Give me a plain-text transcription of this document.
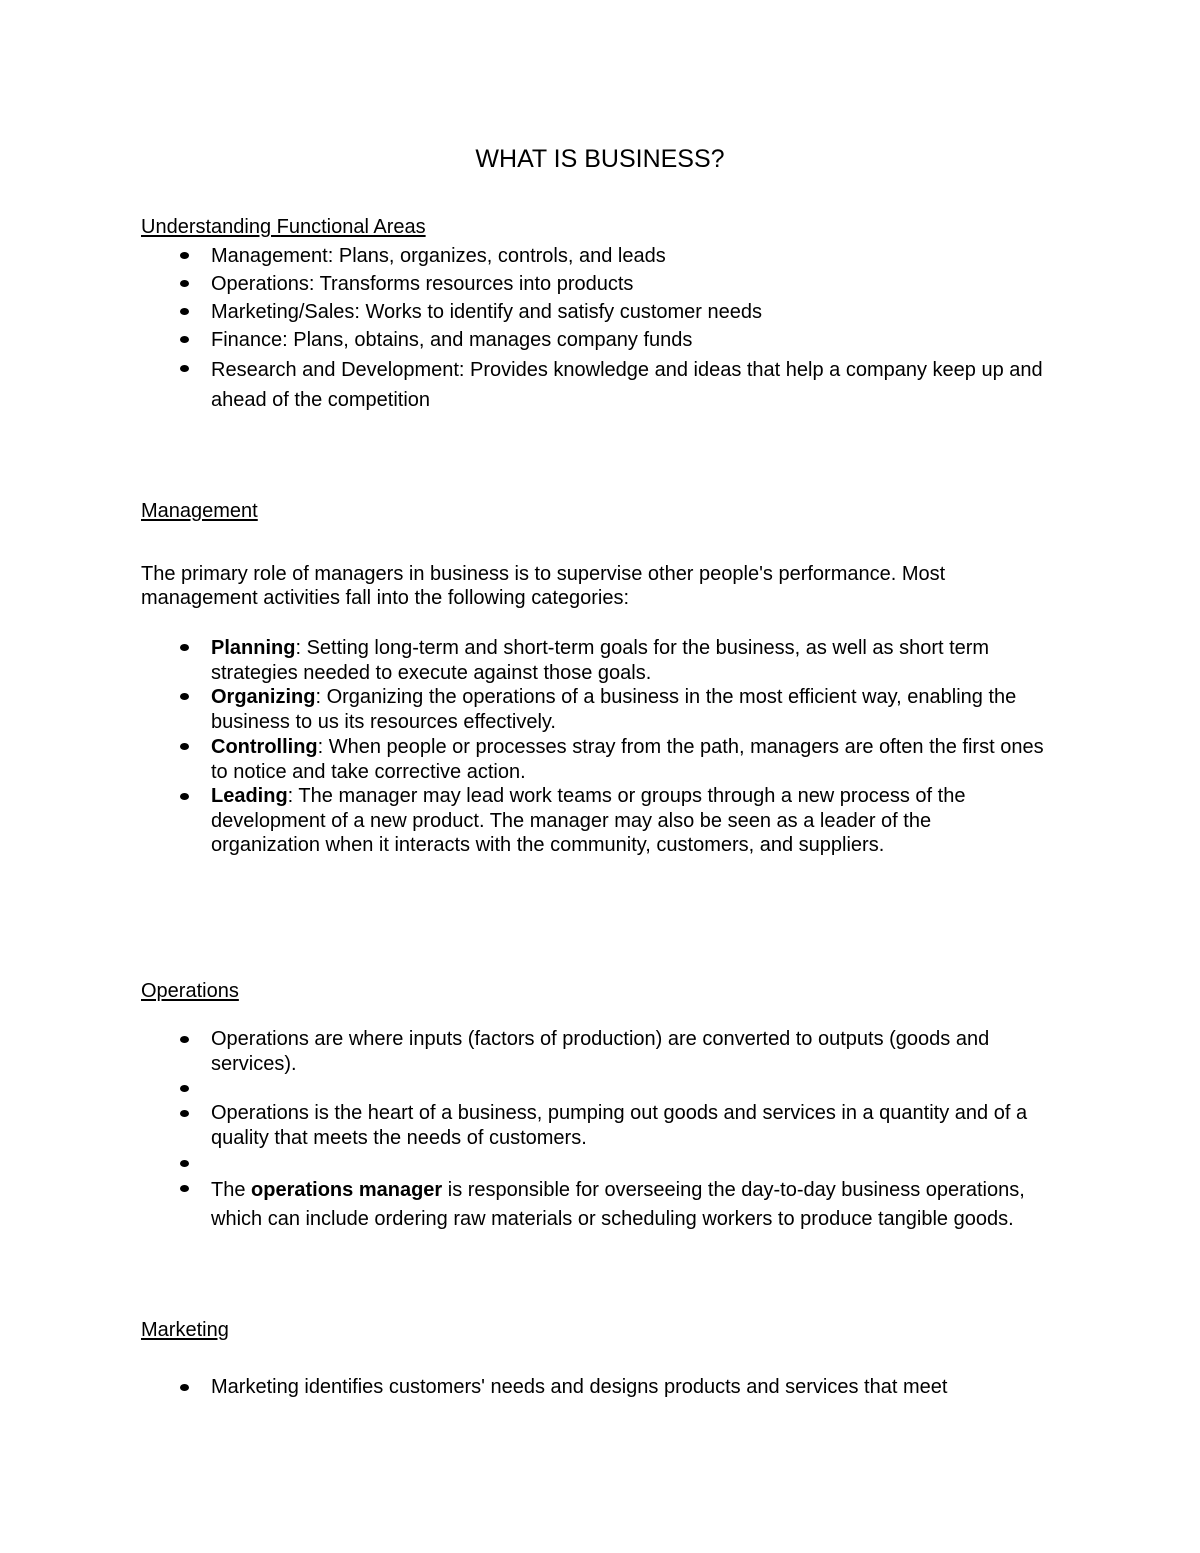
WHAT IS BUSINESS?
Understanding Functional Areas
Management: Plans, organizes, controls, and leads
Operations: Transforms resources into products
Marketing/Sales: Works to identify and satisfy customer needs
Finance: Plans, obtains, and manages company funds
Research and Development: Provides knowledge and ideas that help a company keep up and ahead of the competition
Management
The primary role of managers in business is to supervise other people's performance. Most management activities fall into the following categories:
Planning: Setting long-term and short-term goals for the business, as well as short term strategies needed to execute against those goals.
Organizing: Organizing the operations of a business in the most efficient way, enabling the business to us its resources effectively.
Controlling: When people or processes stray from the path, managers are often the first ones to notice and take corrective action.
Leading: The manager may lead work teams or groups through a new process of the development of a new product. The manager may also be seen as a leader of the organization when it interacts with the community, customers, and suppliers.
Operations
Operations are where inputs (factors of production) are converted to outputs (goods and services).
Operations is the heart of a business, pumping out goods and services in a quantity and of a quality that meets the needs of customers.
The operations manager is responsible for overseeing the day-to-day business operations, which can include ordering raw materials or scheduling workers to produce tangible goods.
Marketing
Marketing identifies customers' needs and designs products and services that meet
